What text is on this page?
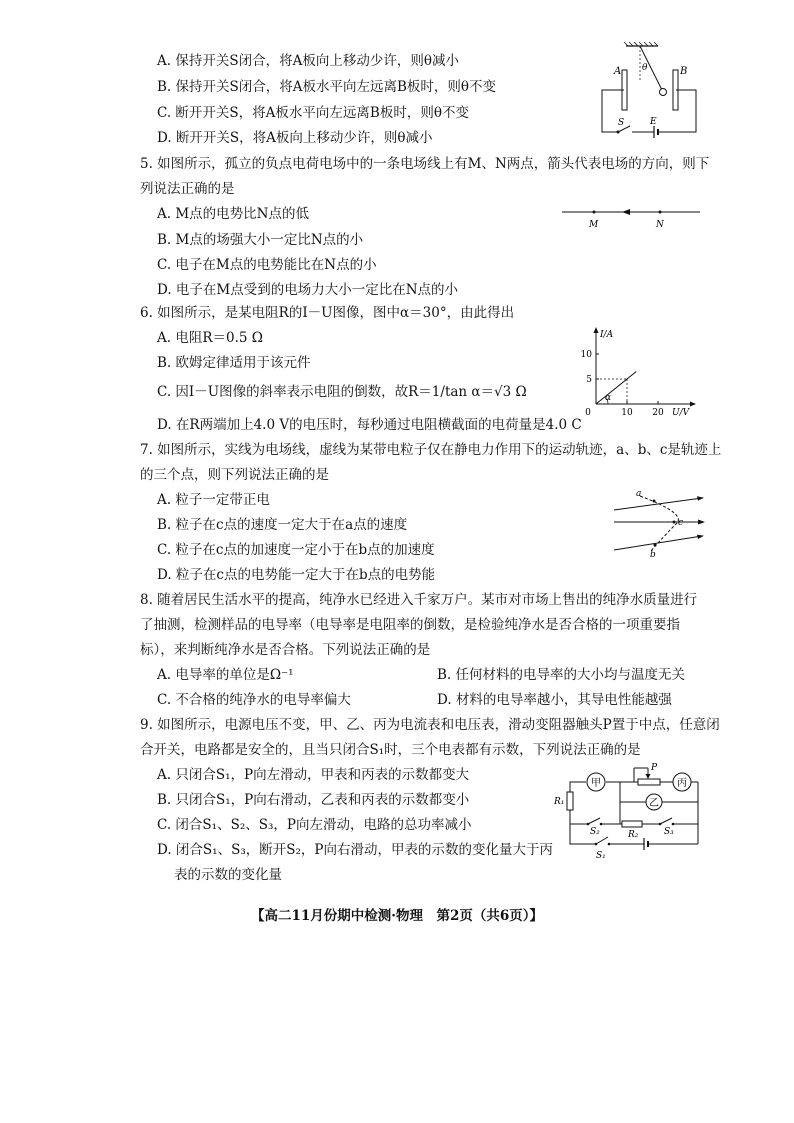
A. 保持开关S闭合，将A板向上移动少许，则θ减小
B. 保持开关S闭合，将A板水平向左远离B板时，则θ不变
C. 断开开关S，将A板水平向左远离B板时，则θ不变
D. 断开开关S，将A板向上移动少许，则θ减小
A	B
θ
S	E
5. 如图所示，孤立的负点电荷电场中的一条电场线上有M、N两点，箭头代表电场的方向，则下
列说法正确的是
A. M点的电势比N点的低
B. M点的场强大小一定比N点的小
C. 电子在M点的电势能比在N点的小
D. 电子在M点受到的电场力大小一定比在N点的小
M	N
6. 如图所示，是某电阻R的I－U图像，图中α＝30°，由此得出
A. 电阻R＝0.5 Ω
B. 欧姆定律适用于该元件
C. 因I－U图像的斜率表示电阻的倒数，故R＝1/tan α＝√3 Ω
D. 在R两端加上4.0 V的电压时，每秒通过电阻横截面的电荷量是4.0 C
0	10 20
5
10
I/A
U/V
α
7. 如图所示，实线为电场线，虚线为某带电粒子仅在静电力作用下的运动轨迹，a、b、c是轨迹上
的三个点，则下列说法正确的是
A. 粒子一定带正电
B. 粒子在c点的速度一定大于在a点的速度
C. 粒子在c点的加速度一定小于在b点的加速度
D. 粒子在c点的电势能一定大于在b点的电势能
a
c
b
8. 随着居民生活水平的提高，纯净水已经进入千家万户。某市对市场上售出的纯净水质量进行
了抽测，检测样品的电导率（电导率是电阻率的倒数，是检验纯净水是否合格的一项重要指
标），来判断纯净水是否合格。下列说法正确的是
A. 电导率的单位是Ω⁻¹	B. 任何材料的电导率的大小均与温度无关
C. 不合格的纯净水的电导率偏大	D. 材料的电导率越小，其导电性能越强
9. 如图所示，电源电压不变，甲、乙、丙为电流表和电压表，滑动变阻器触头P置于中点，任意闭
合开关，电路都是安全的，且当只闭合S₁时，三个电表都有示数，下列说法正确的是
A. 只闭合S₁，P向左滑动，甲表和丙表的示数都变大
B. 只闭合S₁，P向右滑动，乙表和丙表的示数都变小
C. 闭合S₁、S₂、S₃，P向左滑动，电路的总功率减小
D. 闭合S₁、S₃，断开S₂，P向右滑动，甲表的示数的变化量大于丙
表的示数的变化量
甲
乙
丙
P
R₁
R₂
S₂	S₃
S₁
【高二11月份期中检测·物理　第2页（共6页）】
